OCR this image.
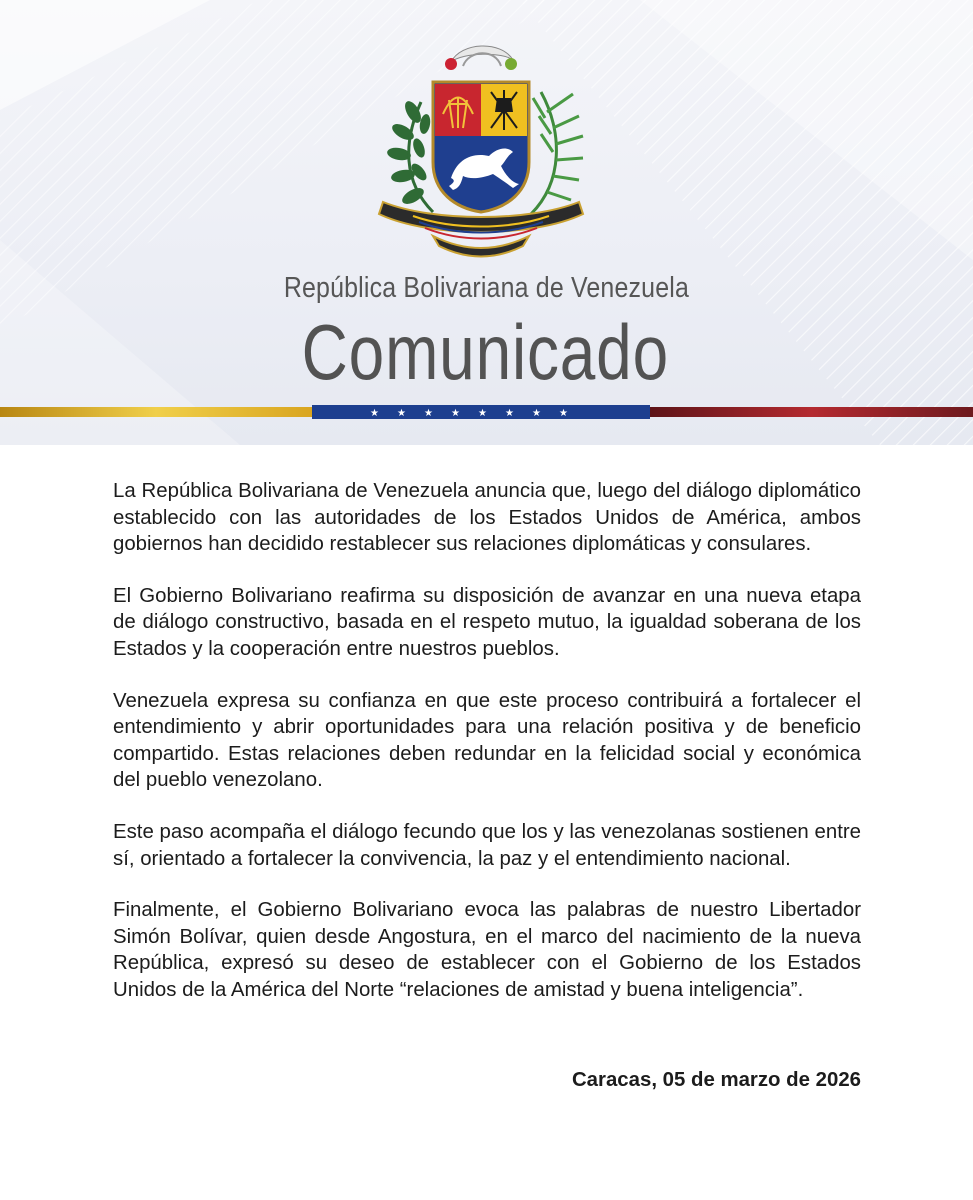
República Bolivariana de Venezuela
Comunicado
★ ★ ★ ★ ★ ★ ★ ★

La República Bolivariana de Venezuela anuncia que, luego del diálogo diplomático establecido con las autoridades de los Estados Unidos de América, ambos gobiernos han decidido restablecer sus relaciones diplomáticas y consulares.

El Gobierno Bolivariano reafirma su disposición de avanzar en una nueva etapa de diálogo constructivo, basada en el respeto mutuo, la igualdad soberana de los Estados y la cooperación entre nuestros pueblos.

Venezuela expresa su confianza en que este proceso contribuirá a fortalecer el entendimiento y abrir oportunidades para una relación positiva y de beneficio compartido. Estas relaciones deben redundar en la felicidad social y económica del pueblo venezolano.

Este paso acompaña el diálogo fecundo que los y las venezolanas sostienen entre sí, orientado a fortalecer la convivencia, la paz y el entendimiento nacional.

Finalmente, el Gobierno Bolivariano evoca las palabras de nuestro Libertador Simón Bolívar, quien desde Angostura, en el marco del nacimiento de la nueva República, expresó su deseo de establecer con el Gobierno de los Estados Unidos de la América del Norte “relaciones de amistad y buena inteligencia”.

Caracas, 05 de marzo de 2026
